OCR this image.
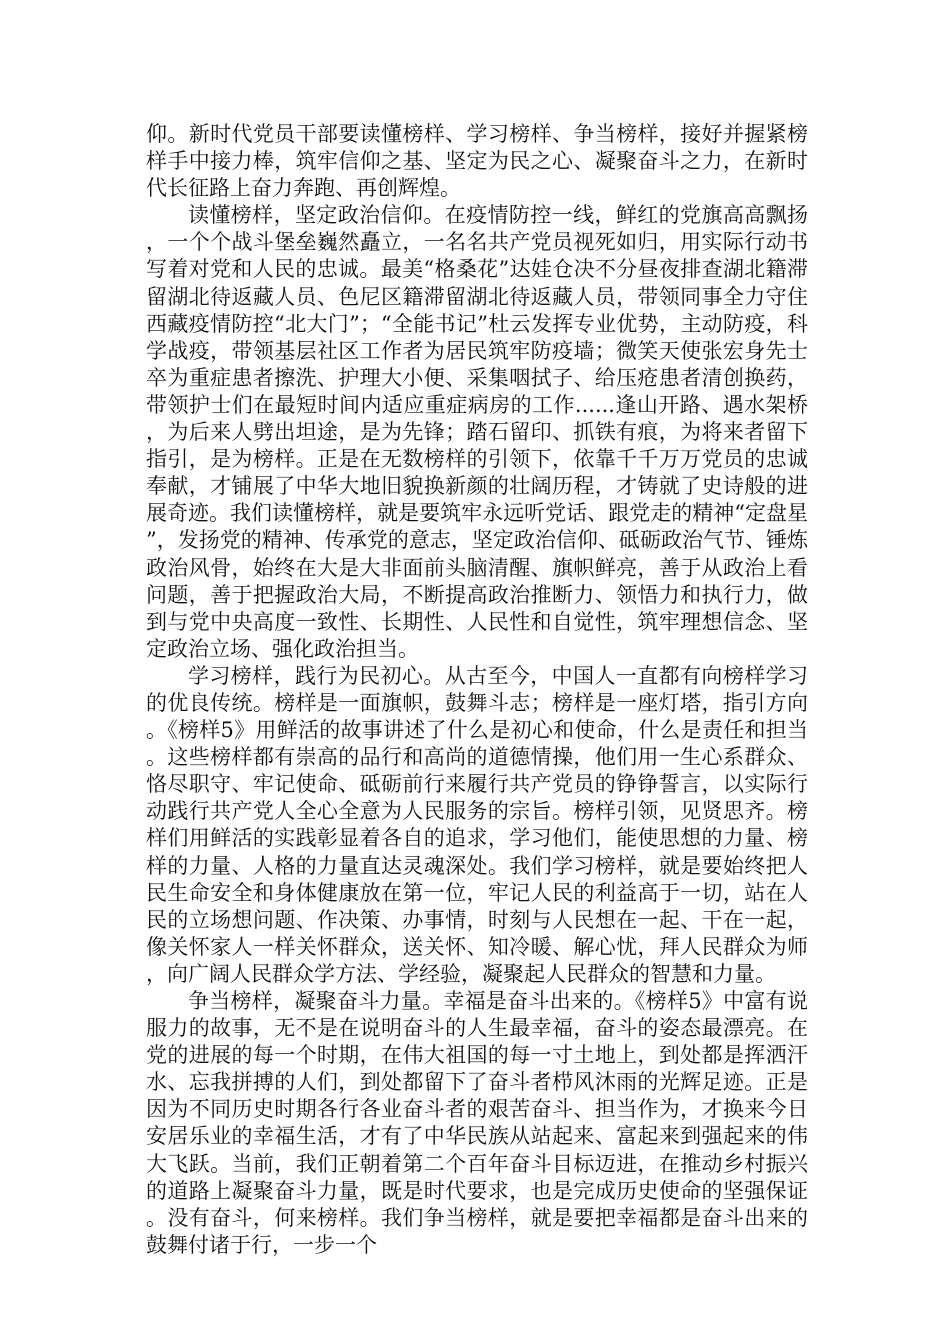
仰。新时代党员干部要读懂榜样、学习榜样、争当榜样，接好并握紧榜样手中接力棒，筑牢信仰之基、坚定为民之心、凝聚奋斗之力，在新时代长征路上奋力奔跑、再创辉煌。

读懂榜样，坚定政治信仰。在疫情防控一线，鲜红的党旗高高飘扬，一个个战斗堡垒巍然矗立，一名名共产党员视死如归，用实际行动书写着对党和人民的忠诚。最美“格桑花”达娃仓决不分昼夜排查湖北籍滞留湖北待返藏人员、色尼区籍滞留湖北待返藏人员，带领同事全力守住西藏疫情防控“北大门”；“全能书记”杜云发挥专业优势，主动防疫，科学战疫，带领基层社区工作者为居民筑牢防疫墙；微笑天使张宏身先士卒为重症患者擦洗、护理大小便、采集咽拭子、给压疮患者清创换药，带领护士们在最短时间内适应重症病房的工作......逢山开路、遇水架桥，为后来人劈出坦途，是为先锋；踏石留印、抓铁有痕，为将来者留下指引，是为榜样。正是在无数榜样的引领下，依靠千千万万党员的忠诚奉献，才铺展了中华大地旧貌换新颜的壮阔历程，才铸就了史诗般的进展奇迹。我们读懂榜样，就是要筑牢永远听党话、跟党走的精神“定盘星”，发扬党的精神、传承党的意志，坚定政治信仰、砥砺政治气节、锤炼政治风骨，始终在大是大非面前头脑清醒、旗帜鲜亮，善于从政治上看问题，善于把握政治大局，不断提高政治推断力、领悟力和执行力，做到与党中央高度一致性、长期性、人民性和自觉性，筑牢理想信念、坚定政治立场、强化政治担当。

学习榜样，践行为民初心。从古至今，中国人一直都有向榜样学习的优良传统。榜样是一面旗帜，鼓舞斗志；榜样是一座灯塔，指引方向。《榜样5》用鲜活的故事讲述了什么是初心和使命，什么是责任和担当。这些榜样都有崇高的品行和高尚的道德情操，他们用一生心系群众、恪尽职守、牢记使命、砥砺前行来履行共产党员的铮铮誓言，以实际行动践行共产党人全心全意为人民服务的宗旨。榜样引领，见贤思齐。榜样们用鲜活的实践彰显着各自的追求，学习他们，能使思想的力量、榜样的力量、人格的力量直达灵魂深处。我们学习榜样，就是要始终把人民生命安全和身体健康放在第一位，牢记人民的利益高于一切，站在人民的立场想问题、作决策、办事情，时刻与人民想在一起、干在一起，像关怀家人一样关怀群众，送关怀、知冷暖、解心忧，拜人民群众为师，向广阔人民群众学方法、学经验，凝聚起人民群众的智慧和力量。

争当榜样，凝聚奋斗力量。幸福是奋斗出来的。《榜样5》中富有说服力的故事，无不是在说明奋斗的人生最幸福，奋斗的姿态最漂亮。在党的进展的每一个时期，在伟大祖国的每一寸土地上，到处都是挥洒汗水、忘我拼搏的人们，到处都留下了奋斗者栉风沐雨的光辉足迹。正是因为不同历史时期各行各业奋斗者的艰苦奋斗、担当作为，才换来今日安居乐业的幸福生活，才有了中华民族从站起来、富起来到强起来的伟大飞跃。当前，我们正朝着第二个百年奋斗目标迈进，在推动乡村振兴的道路上凝聚奋斗力量，既是时代要求，也是完成历史使命的坚强保证。没有奋斗，何来榜样。我们争当榜样，就是要把幸福都是奋斗出来的鼓舞付诸于行，一步一个
